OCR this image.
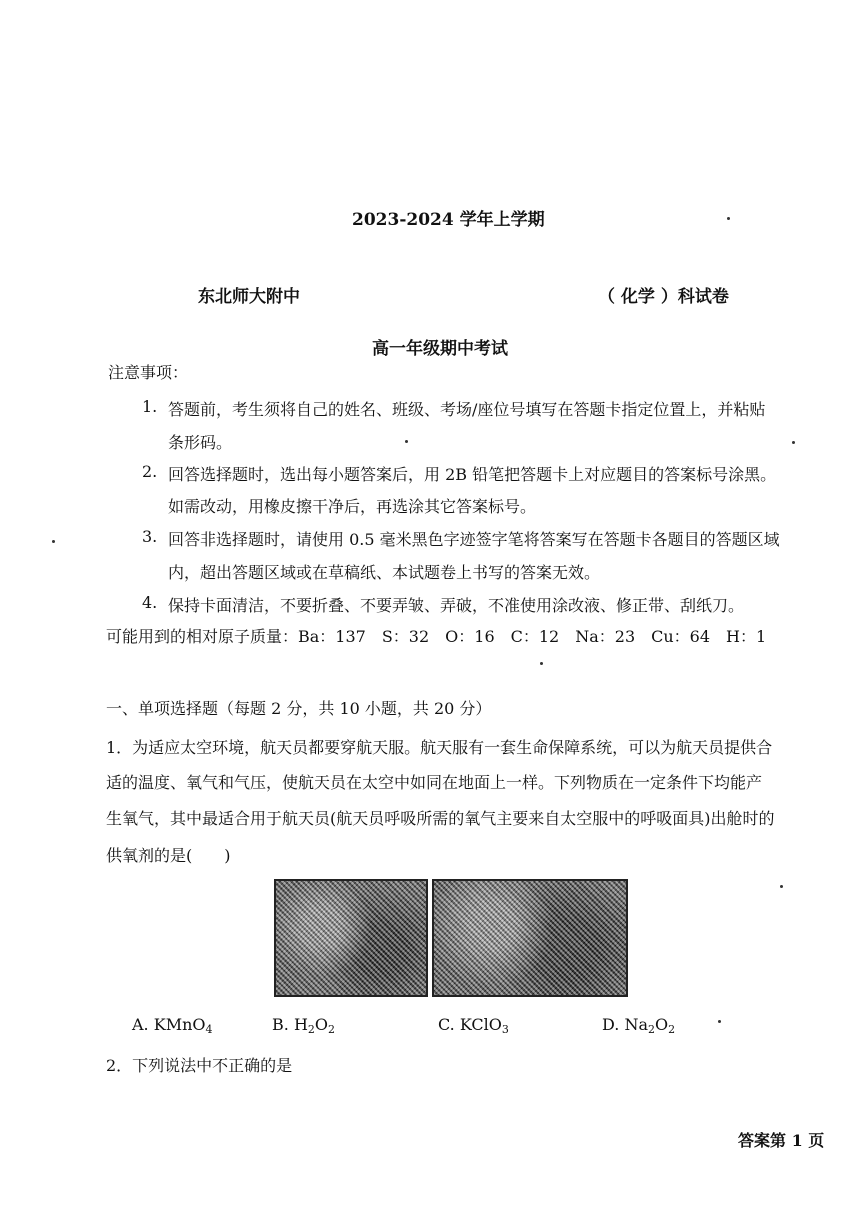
2023-2024 学年上学期
东北师大附中	（ 化学 ）科试卷
高一年级期中考试
注意事项：
1. 答题前，考生须将自己的姓名、班级、考场/座位号填写在答题卡指定位置上，并粘贴
条形码。
2. 回答选择题时，选出每小题答案后，用 2B 铅笔把答题卡上对应题目的答案标号涂黑。
如需改动，用橡皮擦干净后，再选涂其它答案标号。
3. 回答非选择题时，请使用 0.5 毫米黑色字迹签字笔将答案写在答题卡各题目的答题区域
内，超出答题区域或在草稿纸、本试题卷上书写的答案无效。
4. 保持卡面清洁，不要折叠、不要弄皱、弄破，不准使用涂改液、修正带、刮纸刀。
可能用到的相对原子质量：Ba：137　S：32　O：16　C：12　Na：23　Cu：64　H：1
一、单项选择题（每题 2 分，共 10 小题，共 20 分）
1．为适应太空环境，航天员都要穿航天服。航天服有一套生命保障系统，可以为航天员提供合
适的温度、氧气和气压，使航天员在太空中如同在地面上一样。下列物质在一定条件下均能产
生氧气，其中最适合用于航天员(航天员呼吸所需的氧气主要来自太空服中的呼吸面具)出舱时的
供氧剂的是(　　)
A. KMnO$_4$	B. $H_2O_2$	C. KClO$_3$	D. $Na_2O_2$
2．下列说法中不正确的是
答案第 1 页
